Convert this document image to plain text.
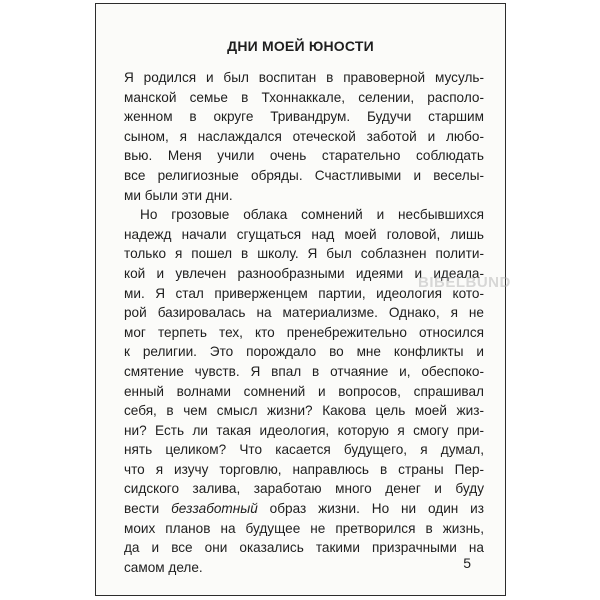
ДНИ МОЕЙ ЮНОСТИ
Я родился и был воспитан в правоверной мусуль-
манской семье в Тхоннаккале, селении, располо-
женном в округе Тривандрум. Будучи старшим
сыном, я наслаждался отеческой заботой и любо-
вью. Меня учили очень старательно соблюдать
все религиозные обряды. Счастливыми и веселы-
ми были эти дни.
Но грозовые облака сомнений и несбывшихся
надежд начали сгущаться над моей головой, лишь
только я пошел в школу. Я был соблазнен полити-
кой и увлечен разнообразными идеями и идеала-
ми. Я стал приверженцем партии, идеология кото-
рой базировалась на материализме. Однако, я не
мог терпеть тех, кто пренебрежительно относился
к религии. Это порождало во мне конфликты и
смятение чувств. Я впал в отчаяние и, обеспоко-
енный волнами сомнений и вопросов, спрашивал
себя, в чем смысл жизни? Какова цель моей жиз-
ни? Есть ли такая идеология, которую я смогу при-
нять целиком? Что касается будущего, я думал,
что я изучу торговлю, направлюсь в страны Пер-
сидского залива, заработаю много денег и буду
вести беззаботный образ жизни. Но ни один из
моих планов на будущее не претворился в жизнь,
да и все они оказались такими призрачными на
самом деле.
BIBELBUND
5
